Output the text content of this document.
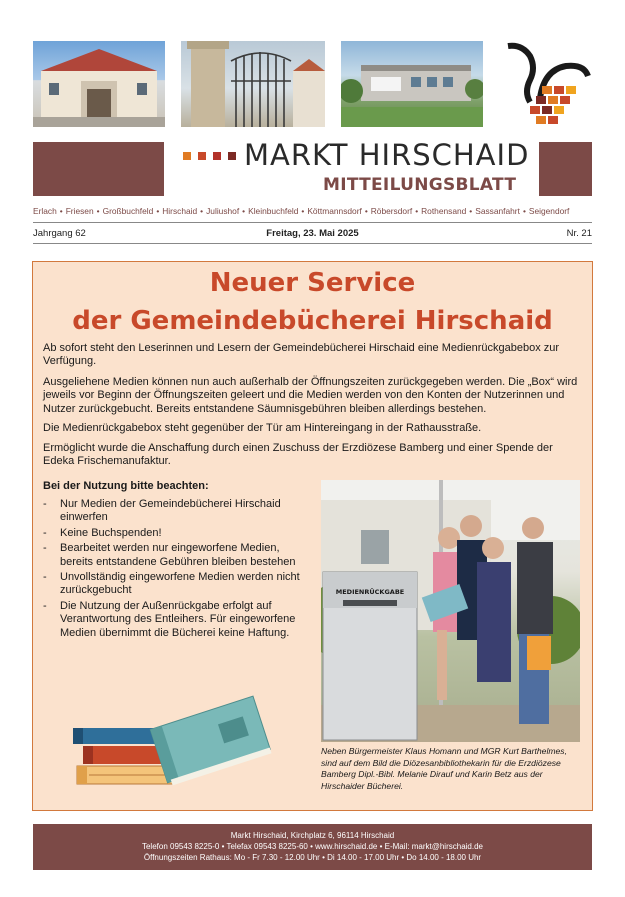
MARKT HIRSCHAID
MITTEILUNGSBLATT
Erlach • Friesen • Großbuchfeld • Hirschaid • Juliushof • Kleinbuchfeld • Köttmannsdorf • Röbersdorf • Rothensand • Sassanfahrt • Seigendorf
Jahrgang 62	Freitag, 23. Mai 2025	Nr. 21
Neuer Service
der Gemeindebücherei Hirschaid
Ab sofort steht den Leserinnen und Lesern der Gemeindebücherei Hirschaid eine Medienrückgabebox zur Verfügung.
Ausgeliehene Medien können nun auch außerhalb der Öffnungszeiten zurückgegeben werden. Die „Box“ wird jeweils vor Beginn der Öffnungszeiten geleert und die Medien werden von den Konten der Nutzerinnen und Nutzer zurückgebucht. Bereits entstandene Säumnisgebühren bleiben allerdings bestehen.
Die Medienrückgabebox steht gegenüber der Tür am Hintereingang in der Rathausstraße.
Ermöglicht wurde die Anschaffung durch einen Zuschuss der Erzdiözese Bamberg und einer Spende der Edeka Frischemanufaktur.
Bei der Nutzung bitte beachten:
- Nur Medien der Gemeindebücherei Hirschaid einwerfen
- Keine Buchspenden!
- Bearbeitet werden nur eingeworfene Medien, bereits entstandene Gebühren bleiben bestehen
- Unvollständig eingeworfene Medien werden nicht zurückgebucht
- Die Nutzung der Außenrückgabe erfolgt auf Verantwortung des Entleihers. Für eingeworfene Medien übernimmt die Bücherei keine Haftung.
MEDIENRÜCKGABE
Neben Bürgermeister Klaus Homann und MGR Kurt Barthelmes, sind auf dem Bild die Diözesanbibliothekarin für die Erzdiözese Bamberg Dipl.-Bibl. Melanie Dirauf und Karin Betz aus der Hirschaider Bücherei.
Markt Hirschaid, Kirchplatz 6, 96114 Hirschaid
Telefon 09543 8225-0 • Telefax 09543 8225-60 • www.hirschaid.de • E-Mail: markt@hirschaid.de
Öffnungszeiten Rathaus: Mo - Fr 7.30 - 12.00 Uhr • Di 14.00 - 17.00 Uhr • Do 14.00 - 18.00 Uhr
